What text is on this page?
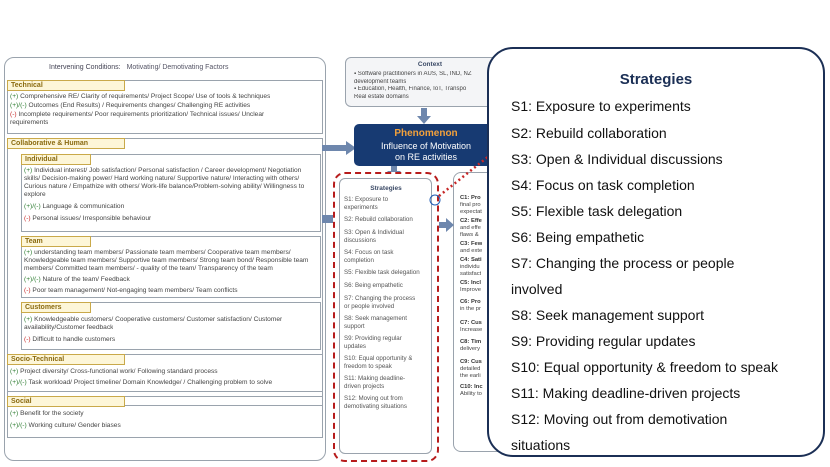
Intervening Conditions: Motivating/ Demotivating Factors
Technical
(+) Comprehensive RE/ Clarity of requirements/ Project Scope/ Use of tools & techniques
(+)/(-) Outcomes (End Results) / Requirements changes/ Challenging RE activities
(-) Incomplete requirements/ Poor requirements prioritization/ Technical issues/ Unclear
requirements
Collaborative & Human
Individual
(+) Individual interest/ Job satisfaction/ Personal satisfaction / Career development/ Negotiation
skills/ Decision-making power/ Hard working nature/ Supportive nature/ Interacting with others/
Curious nature / Empathize with others/ Work-life balance/Problem-solving ability/ Willingness to
explore
(+)/(-) Language & communication
(-) Personal issues/ Irresponsible behaviour
Team
(+) understanding team members/ Passionate team members/ Cooperative team members/
Knowledgeable team members/ Supportive team members/ Strong team bond/ Responsible team
members/ Committed team members/ - quality of the team/ Transparency of the team
(+)/(-) Nature of the team/ Feedback
(-) Poor team management/ Not-engaging team members/ Team conflicts
Customers
(+) Knowledgeable customers/ Cooperative customers/ Customer satisfaction/ Customer
availability/Customer feedback
(-) Difficult to handle customers
Socio-Technical
(+) Project diversity/ Cross-functional work/ Following standard process
(+)/(-) Task workload/ Project timeline/ Domain Knowledge/ / Challenging problem to solve
Social
(+) Benefit for the society
(+)/(-) Working culture/ Gender biases
Context
▪ Software practitioners in AUS, SL, IND, NZ
development teams
▪ Education, Health, Finance, IoT, Transpo
Real estate domains
Phenomenon
Influence of Motivation
on RE activities
C1: Pro
final pro
expectat
C2: Effe
and effe
flaws &
C3: Few
and exte
C4: Sati
individu
satisfact
C5: Incl
Improve
C6: Pro
in the pr
C7: Cus
Increase
C8: Tim
delivery
C9: Cus
detailed
the earli
C10: Inc
Ability to
Strategies
S1: Exposure to
experiments
S2: Rebuild collaboration
S3: Open & Individual
discussions
S4: Focus on task
completion
S5: Flexible task delegation
S6: Being empathetic
S7: Changing the process
or people involved
S8: Seek management
support
S9: Providing regular
updates
S10: Equal opportunity &
freedom to speak
S11: Making deadline-
driven projects
S12: Moving out from
demotivating situations
Strategies
S1: Exposure to experiments
S2: Rebuild collaboration
S3: Open & Individual discussions
S4: Focus on task completion
S5: Flexible task delegation
S6: Being empathetic
S7: Changing the process or people
involved
S8: Seek management support
S9: Providing regular updates
S10: Equal opportunity & freedom to speak
S11: Making deadline-driven projects
S12: Moving out from demotivation
situations
